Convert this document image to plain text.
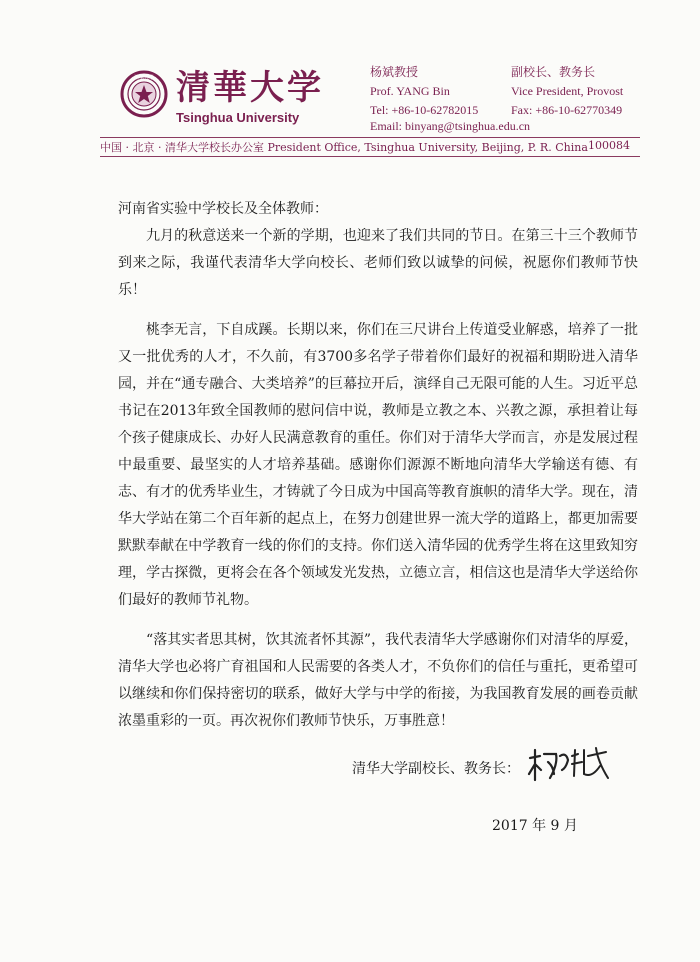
清華大學 清華大学
Tsinghua University
杨斌教授
Prof. YANG Bin
Tel: +86-10-62782015
副校长、教务长
Vice President, Provost
Fax: +86-10-62770349
Email: binyang@tsinghua.edu.cn
中国 · 北京 · 清华大学校长办公室 President Office, Tsinghua University, Beijing, P. R. China 100084

河南省实验中学校长及全体教师：

九月的秋意送来一个新的学期，也迎来了我们共同的节日。在第三十三个教师节到来之际，我谨代表清华大学向校长、老师们致以诚挚的问候，祝愿你们教师节快乐！

桃李无言，下自成蹊。长期以来，你们在三尺讲台上传道受业解惑，培养了一批又一批优秀的人才，不久前，有3700多名学子带着你们最好的祝福和期盼进入清华园，并在“通专融合、大类培养”的巨幕拉开后，演绎自己无限可能的人生。习近平总书记在2013年致全国教师的慰问信中说，教师是立教之本、兴教之源，承担着让每个孩子健康成长、办好人民满意教育的重任。你们对于清华大学而言，亦是发展过程中最重要、最坚实的人才培养基础。感谢你们源源不断地向清华大学输送有德、有志、有才的优秀毕业生，才铸就了今日成为中国高等教育旗帜的清华大学。现在，清华大学站在第二个百年新的起点上，在努力创建世界一流大学的道路上，都更加需要默默奉献在中学教育一线的你们的支持。你们送入清华园的优秀学生将在这里致知穷理，学古探微，更将会在各个领域发光发热，立德立言，相信这也是清华大学送给你们最好的教师节礼物。

“落其实者思其树，饮其流者怀其源”，我代表清华大学感谢你们对清华的厚爱，清华大学也必将广育祖国和人民需要的各类人才，不负你们的信任与重托，更希望可以继续和你们保持密切的联系，做好大学与中学的衔接，为我国教育发展的画卷贡献浓墨重彩的一页。再次祝你们教师节快乐，万事胜意！

清华大学副校长、教务长：
2017 年 9 月
